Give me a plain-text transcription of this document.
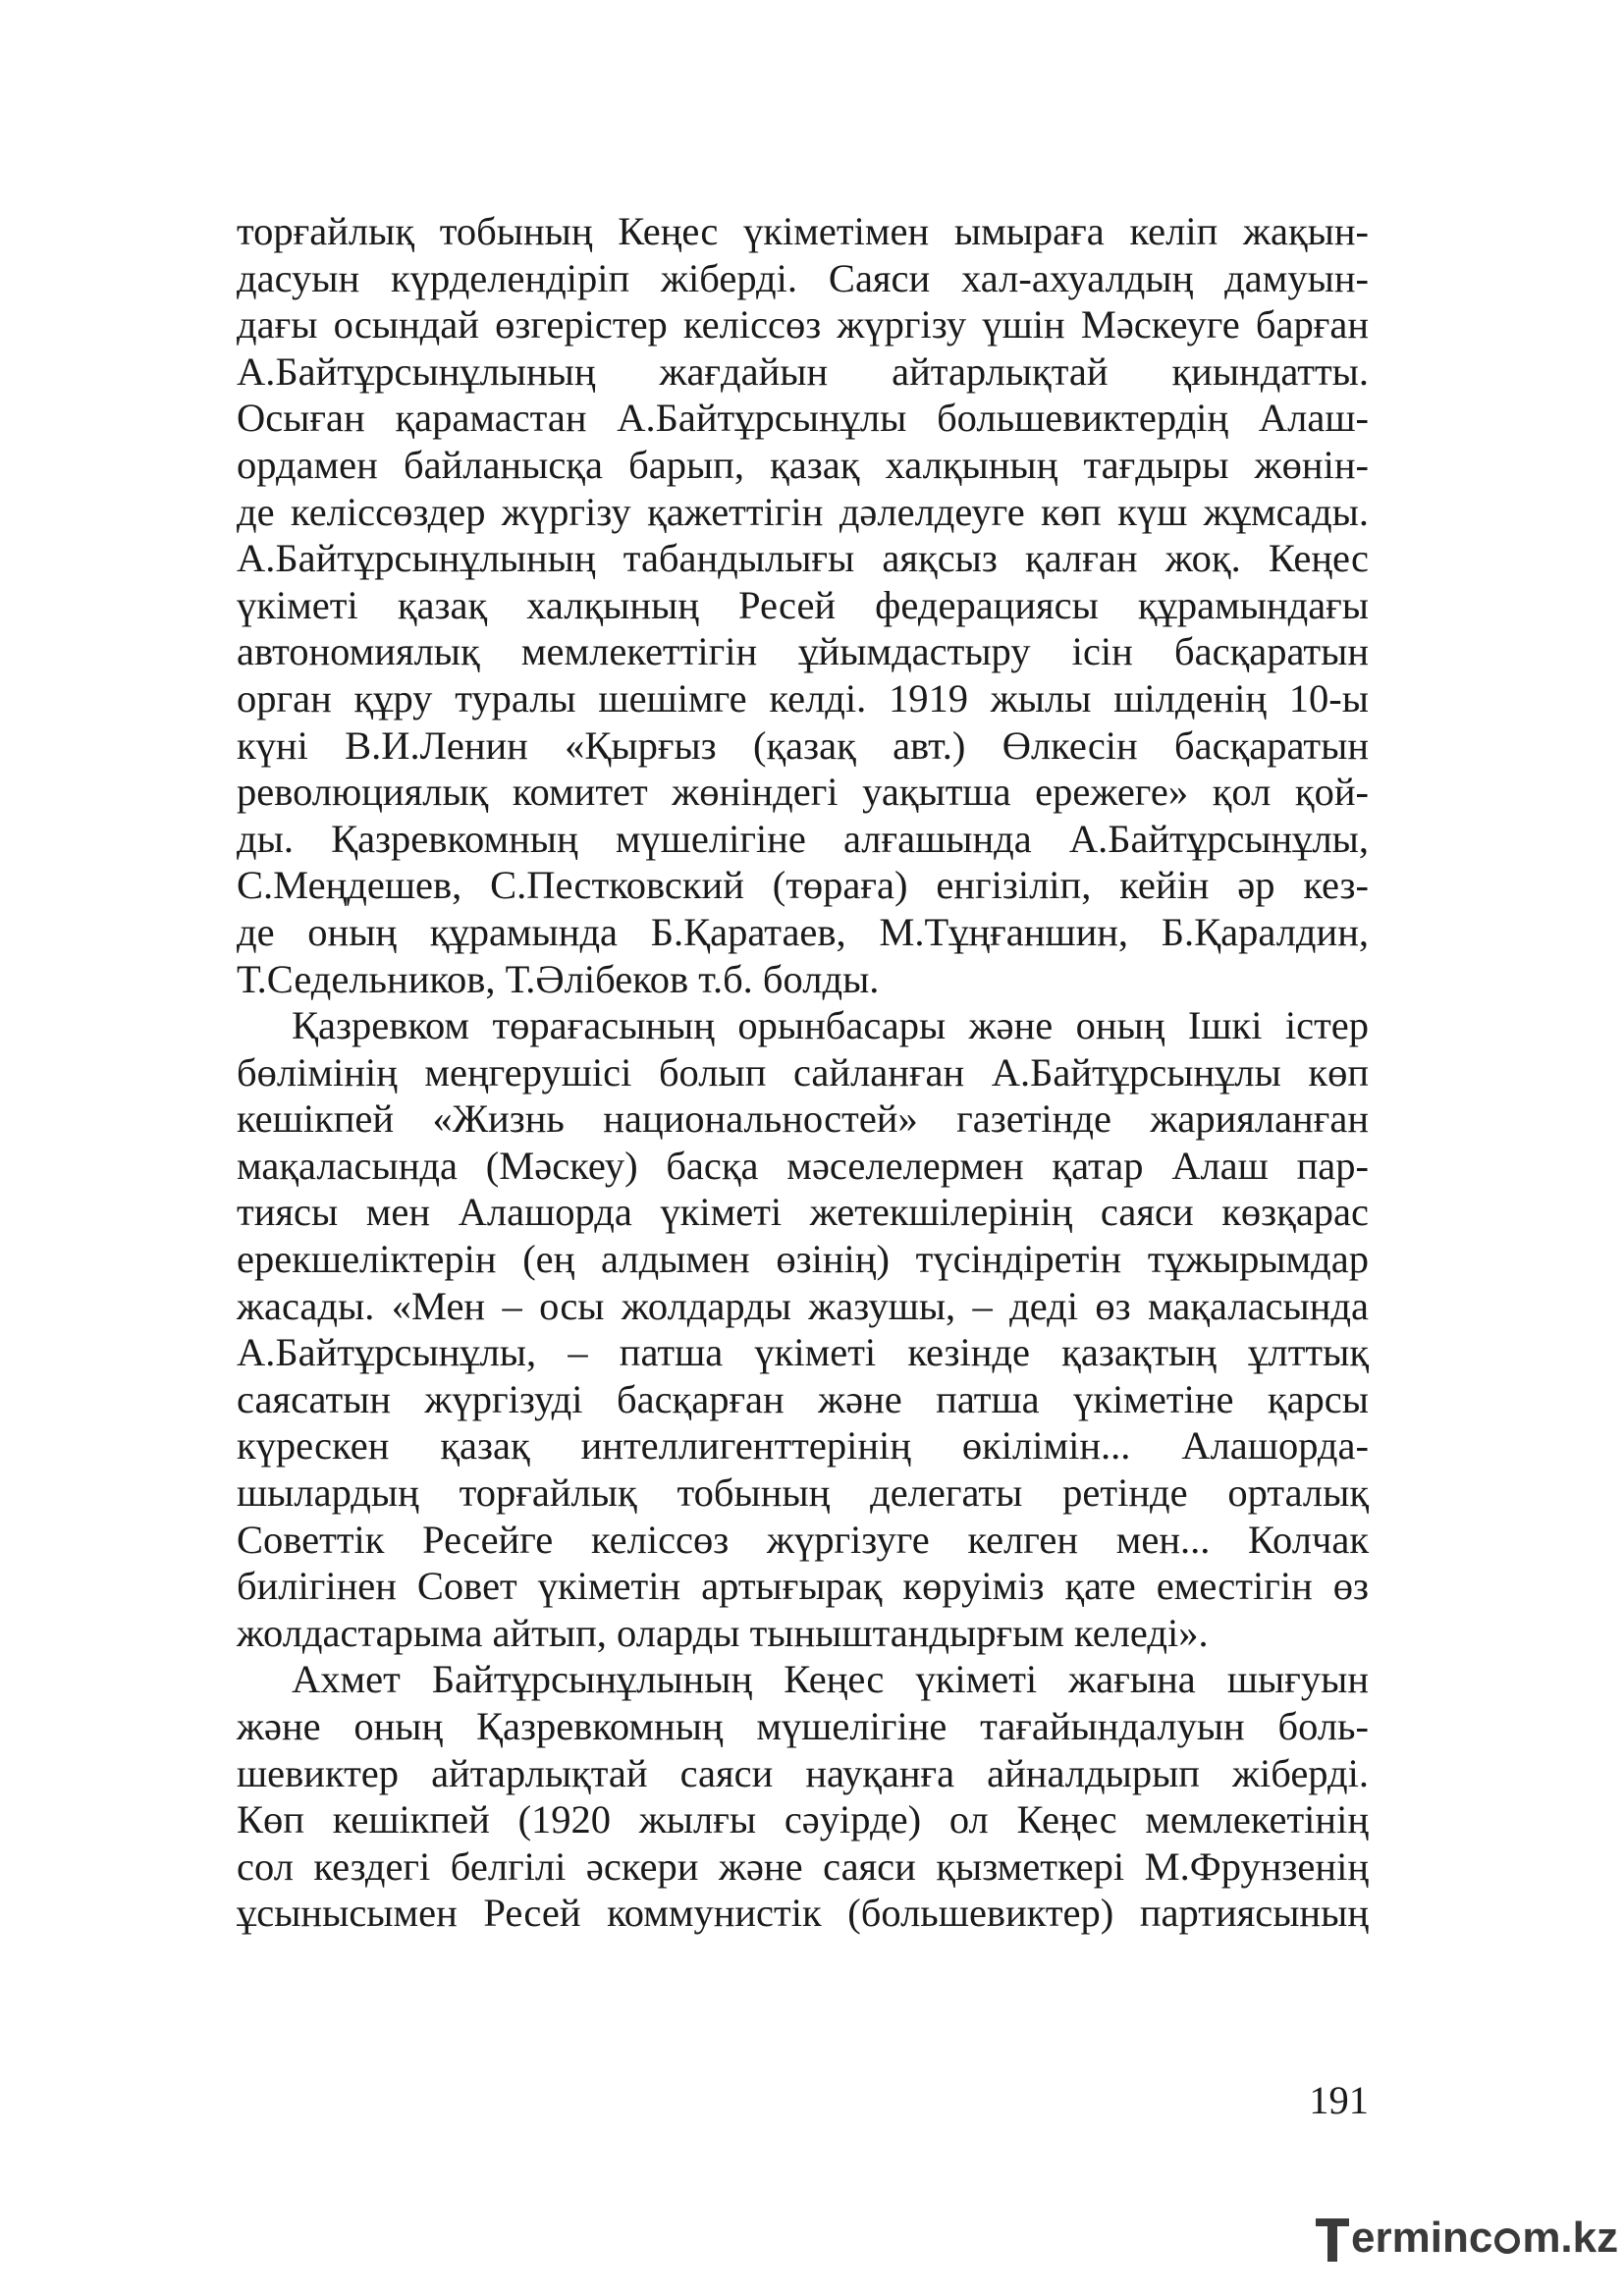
торғайлық тобының Кеңес үкіметімен ымыраға келіп жақын-
дасуын күрделендіріп жіберді. Саяси хал-ахуалдың дамуын-
дағы осындай өзгерістер келіссөз жүргізу үшін Мәскеуге барған
А.Байтұрсынұлының жағдайын айтарлықтай қиындатты.
Осыған қарамастан А.Байтұрсынұлы большевиктердің Алаш-
ордамен байланысқа барып, қазақ халқының тағдыры жөнін-
де келіссөздер жүргізу қажеттігін дәлелдеуге көп күш жұмсады.
А.Байтұрсынұлының табандылығы аяқсыз қалған жоқ. Кеңес
үкіметі қазақ халқының Ресей федерациясы құрамындағы
автономиялық мемлекеттігін ұйымдастыру ісін басқаратын
орган құру туралы шешімге келді. 1919 жылы шілденің 10-ы
күні В.И.Ленин «Қырғыз (қазақ авт.) Өлкесін басқаратын
революциялық комитет жөніндегі уақытша ережеге» қол қой-
ды. Қазревкомның мүшелігіне алғашында А.Байтұрсынұлы,
С.Меңдешев, С.Пестковский (төраға) енгізіліп, кейін әр кез-
де оның құрамында Б.Қаратаев, М.Тұңғаншин, Б.Қаралдин,
Т.Седельников, Т.Әлібеков т.б. болды.
Қазревком төрағасының орынбасары және оның Ішкі істер
бөлімінің меңгерушісі болып сайланған А.Байтұрсынұлы көп
кешікпей «Жизнь национальностей» газетінде жарияланған
мақаласында (Мәскеу) басқа мәселелермен қатар Алаш пар-
тиясы мен Алашорда үкіметі жетекшілерінің саяси көзқарас
ерекшеліктерін (ең алдымен өзінің) түсіндіретін тұжырымдар
жасады. «Мен – осы жолдарды жазушы, – деді өз мақаласында
А.Байтұрсынұлы, – патша үкіметі кезінде қазақтың ұлттық
саясатын жүргізуді басқарған және патша үкіметіне қарсы
күрескен қазақ интеллигенттерінің өкілімін... Алашорда-
шылардың торғайлық тобының делегаты ретінде орталық
Советтік Ресейге келіссөз жүргізуге келген мен... Колчак
билігінен Совет үкіметін артығырақ көруіміз қате еместігін өз
жолдастарыма айтып, оларды тыныштандырғым келеді».
Ахмет Байтұрсынұлының Кеңес үкіметі жағына шығуын
және оның Қазревкомның мүшелігіне тағайындалуын боль-
шевиктер айтарлықтай саяси науқанға айналдырып жіберді.
Көп кешікпей (1920 жылғы сәуірде) ол Кеңес мемлекетінің
сол кездегі белгілі әскери және саяси қызметкері М.Фрунзенің
ұсынысымен Ресей коммунистік (большевиктер) партиясының
191
ermin c m.kz
